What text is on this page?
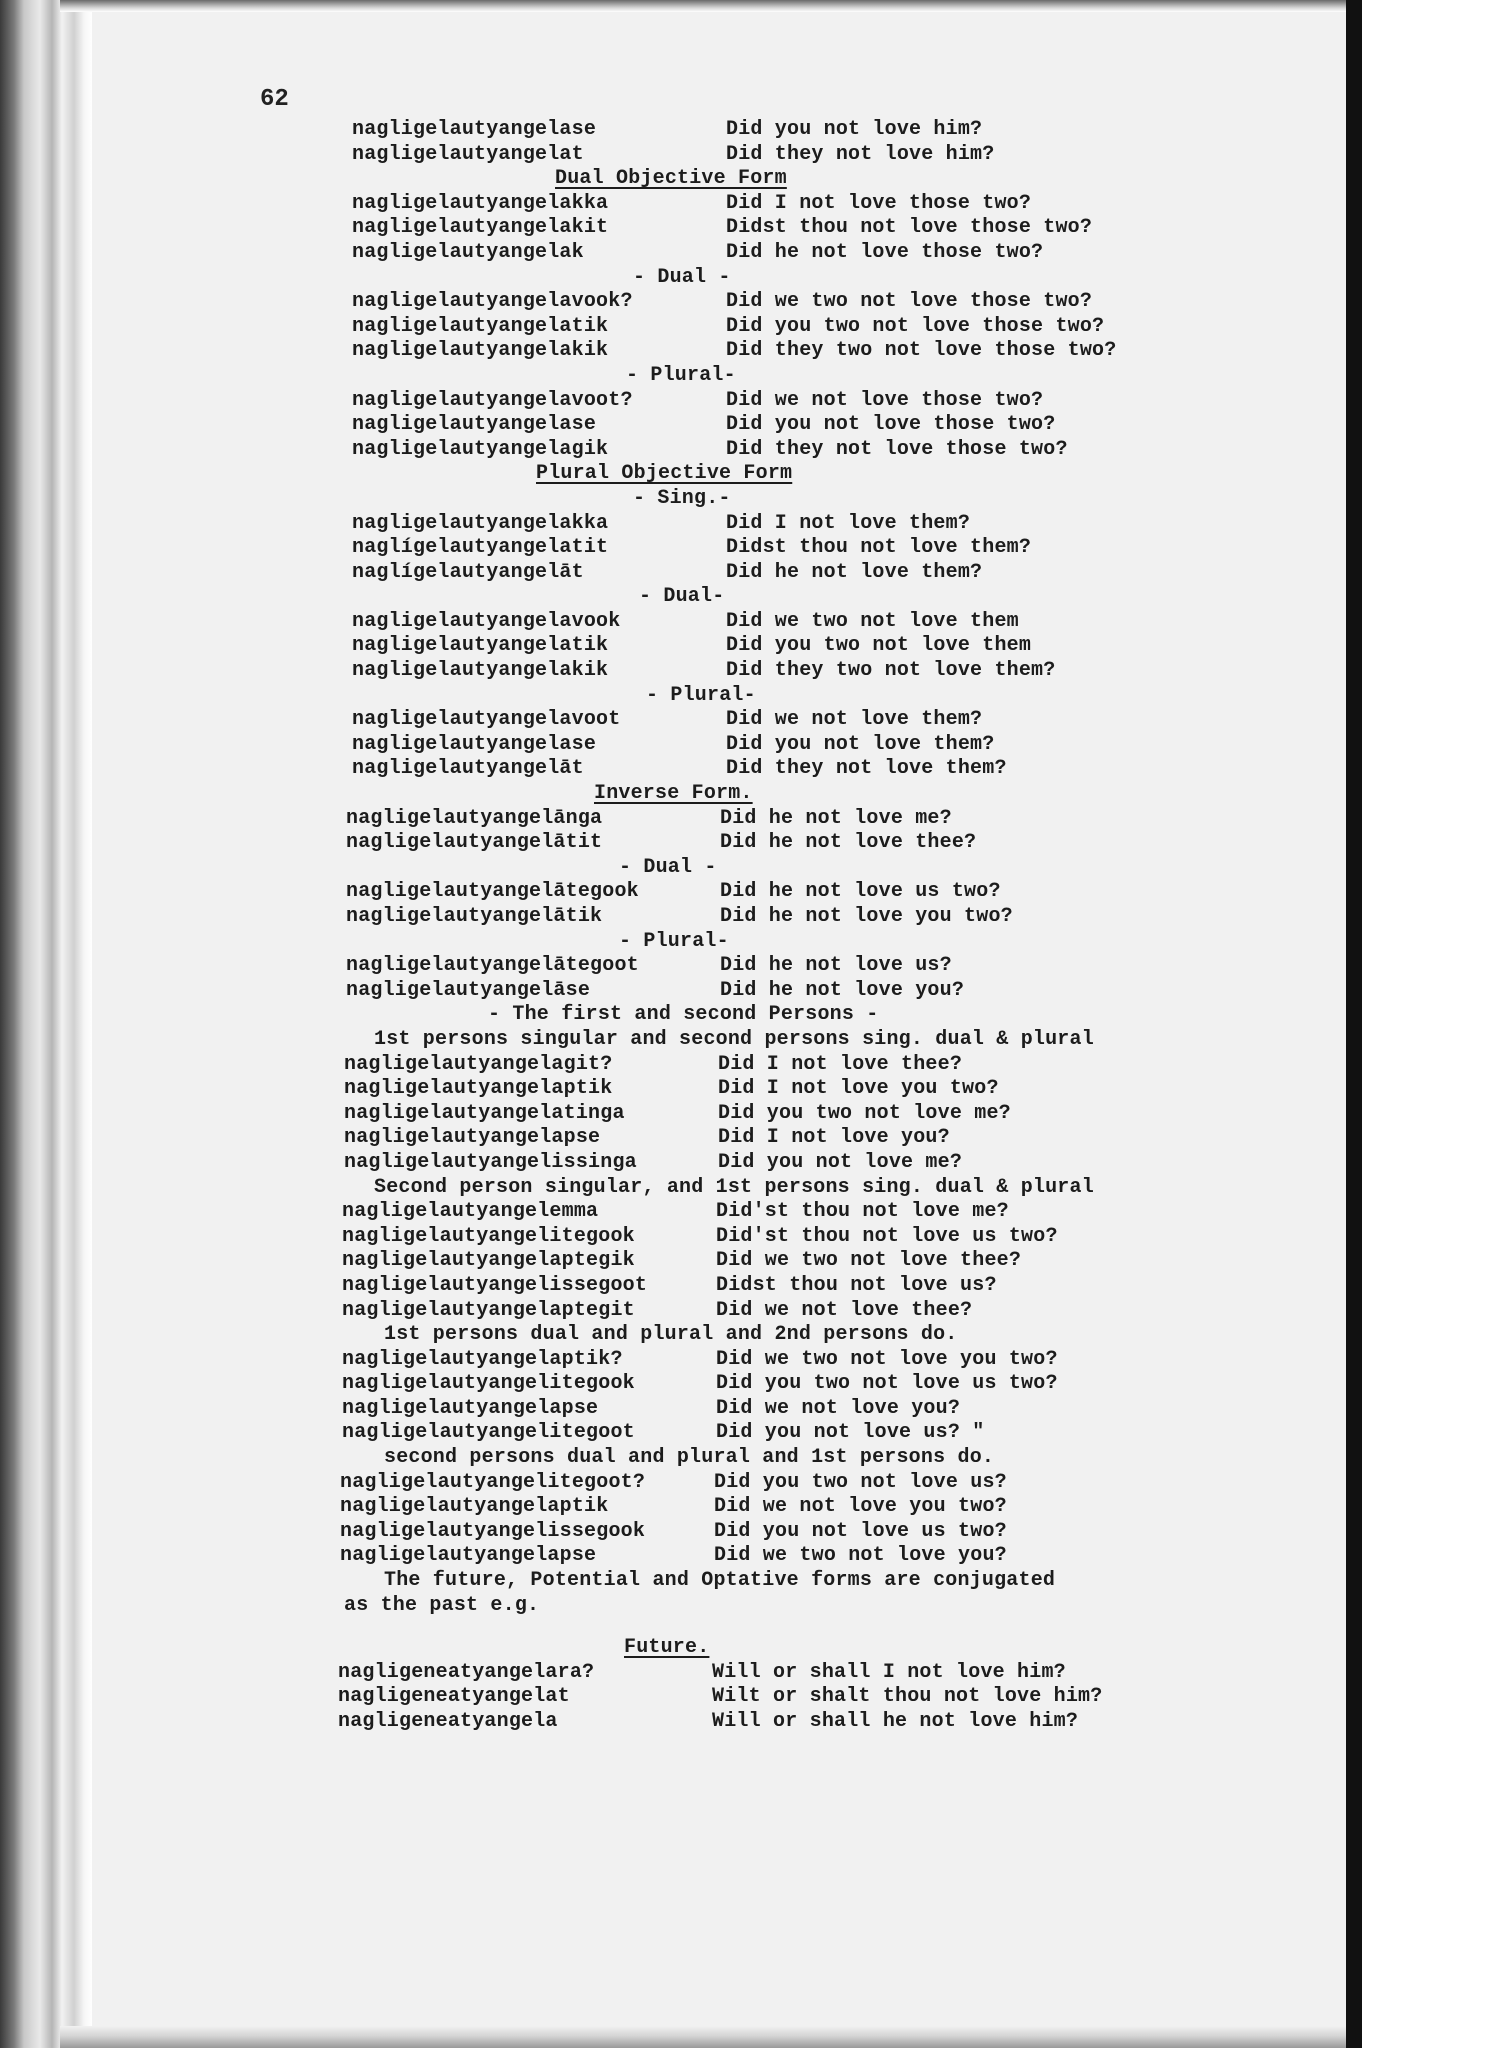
62
nagligelautyangelase	Did you not love him?
nagligelautyangelat	Did they not love him?
Dual Objective Form
nagligelautyangelakka	Did I not love those two?
nagligelautyangelakit	Didst thou not love those two?
nagligelautyangelak	Did he not love those two?
- Dual -
nagligelautyangelavook?	Did we two not love those two?
nagligelautyangelatik	Did you two not love those two?
nagligelautyangelakik	Did they two not love those two?
- Plural-
nagligelautyangelavoot?	Did we not love those two?
nagligelautyangelase	Did you not love those two?
nagligelautyangelagik	Did they not love those two?
Plural Objective Form
- Sing.-
nagligelautyangelakka	Did I not love them?
naglígelautyangelatit	Didst thou not love them?
naglígelautyangelāt	Did he not love them?
- Dual-
nagligelautyangelavook	Did we two not love them
nagligelautyangelatik	Did you two not love them
nagligelautyangelakik	Did they two not love them?
- Plural-
nagligelautyangelavoot	Did we not love them?
nagligelautyangelase	Did you not love them?
nagligelautyangelāt	Did they not love them?
Inverse Form.
nagligelautyangelānga	Did he not love me?
nagligelautyangelātit	Did he not love thee?
- Dual -
nagligelautyangelātegook	Did he not love us two?
nagligelautyangelātik	Did he not love you two?
- Plural-
nagligelautyangelātegoot	Did he not love us?
nagligelautyangelāse	Did he not love you?
- The first and second Persons -
1st persons singular and second persons sing. dual & plural
nagligelautyangelagit?	Did I not love thee?
nagligelautyangelaptik	Did I not love you two?
nagligelautyangelatinga	Did you two not love me?
nagligelautyangelapse	Did I not love you?
nagligelautyangelissinga	Did you not love me?
Second person singular, and 1st persons sing. dual & plural
nagligelautyangelemma	Did'st thou not love me?
nagligelautyangelitegook	Did'st thou not love us two?
nagligelautyangelaptegik	Did we two not love thee?
nagligelautyangelissegoot	Didst thou not love us?
nagligelautyangelaptegit	Did we not love thee?
1st persons dual and plural and 2nd persons do.
nagligelautyangelaptik?	Did we two not love you two?
nagligelautyangelitegook	Did you two not love us two?
nagligelautyangelapse	Did we not love you?
nagligelautyangelitegoot	Did you not love us? "
second persons dual and plural and 1st persons do.
nagligelautyangelitegoot?	Did you two not love us?
nagligelautyangelaptik	Did we not love you two?
nagligelautyangelissegook	Did you not love us two?
nagligelautyangelapse	Did we two not love you?
The future, Potential and Optative forms are conjugated
as the past e.g.
Future.
nagligeneatyangelara?	Will or shall I not love him?
nagligeneatyangelat	Wilt or shalt thou not love him?
nagligeneatyangela	Will or shall he not love him?
